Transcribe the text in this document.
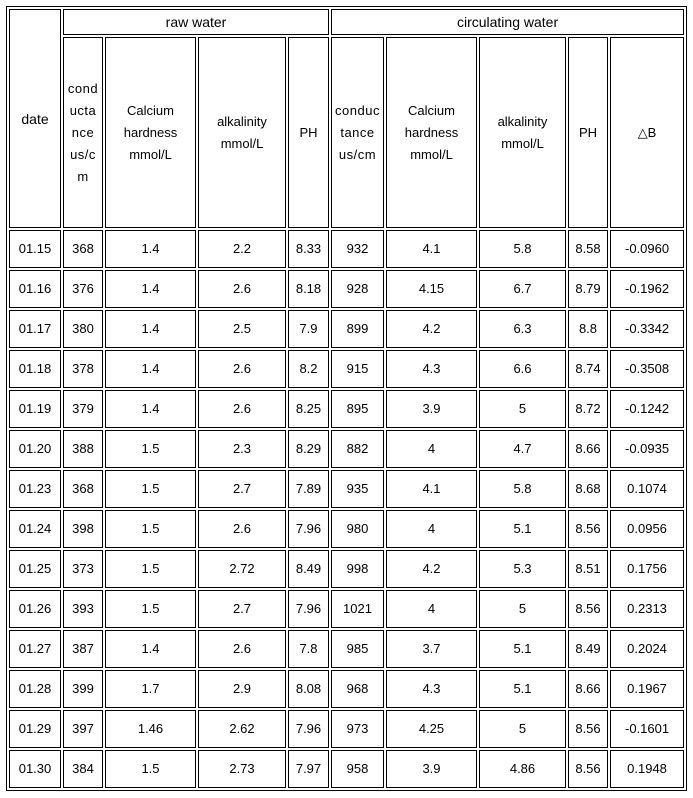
date	raw water				circulating water				
	conductance us/cm	Calcium hardness mmol/L	alkalinity mmol/L	PH	conductance us/cm	Calcium hardness mmol/L	alkalinity mmol/L	PH	△B
01.15	368	1.4	2.2	8.33	932	4.1	5.8	8.58	-0.0960
01.16	376	1.4	2.6	8.18	928	4.15	6.7	8.79	-0.1962
01.17	380	1.4	2.5	7.9	899	4.2	6.3	8.8	-0.3342
01.18	378	1.4	2.6	8.2	915	4.3	6.6	8.74	-0.3508
01.19	379	1.4	2.6	8.25	895	3.9	5	8.72	-0.1242
01.20	388	1.5	2.3	8.29	882	4	4.7	8.66	-0.0935
01.23	368	1.5	2.7	7.89	935	4.1	5.8	8.68	0.1074
01.24	398	1.5	2.6	7.96	980	4	5.1	8.56	0.0956
01.25	373	1.5	2.72	8.49	998	4.2	5.3	8.51	0.1756
01.26	393	1.5	2.7	7.96	1021	4	5	8.56	0.2313
01.27	387	1.4	2.6	7.8	985	3.7	5.1	8.49	0.2024
01.28	399	1.7	2.9	8.08	968	4.3	5.1	8.66	0.1967
01.29	397	1.46	2.62	7.96	973	4.25	5	8.56	-0.1601
01.30	384	1.5	2.73	7.97	958	3.9	4.86	8.56	0.1948
